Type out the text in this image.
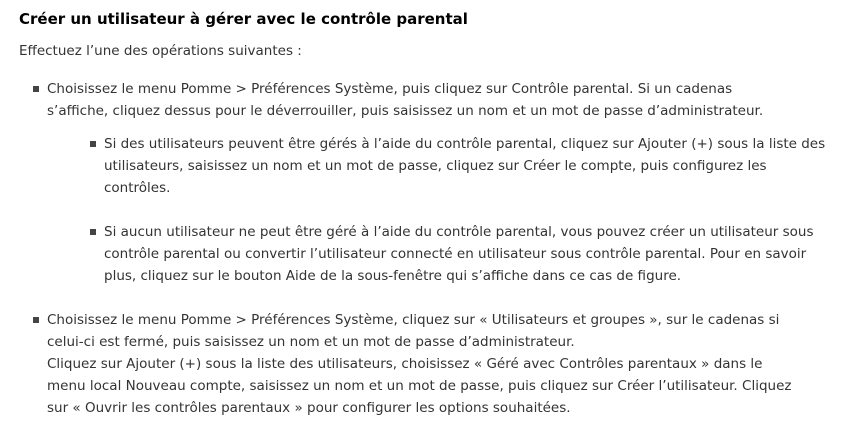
Créer un utilisateur à gérer avec le contrôle parental

Effectuez l’une des opérations suivantes :

Choisissez le menu Pomme > Préférences Système, puis cliquez sur Contrôle parental. Si un cadenas
s’affiche, cliquez dessus pour le déverrouiller, puis saisissez un nom et un mot de passe d’administrateur.
Si des utilisateurs peuvent être gérés à l’aide du contrôle parental, cliquez sur Ajouter (+) sous la liste des
utilisateurs, saisissez un nom et un mot de passe, cliquez sur Créer le compte, puis configurez les
contrôles.
Si aucun utilisateur ne peut être géré à l’aide du contrôle parental, vous pouvez créer un utilisateur sous
contrôle parental ou convertir l’utilisateur connecté en utilisateur sous contrôle parental. Pour en savoir
plus, cliquez sur le bouton Aide de la sous-fenêtre qui s’affiche dans ce cas de figure.
Choisissez le menu Pomme > Préférences Système, cliquez sur « Utilisateurs et groupes », sur le cadenas si
celui-ci est fermé, puis saisissez un nom et un mot de passe d’administrateur.
Cliquez sur Ajouter (+) sous la liste des utilisateurs, choisissez « Géré avec Contrôles parentaux » dans le
menu local Nouveau compte, saisissez un nom et un mot de passe, puis cliquez sur Créer l’utilisateur. Cliquez
sur « Ouvrir les contrôles parentaux » pour configurer les options souhaitées.
